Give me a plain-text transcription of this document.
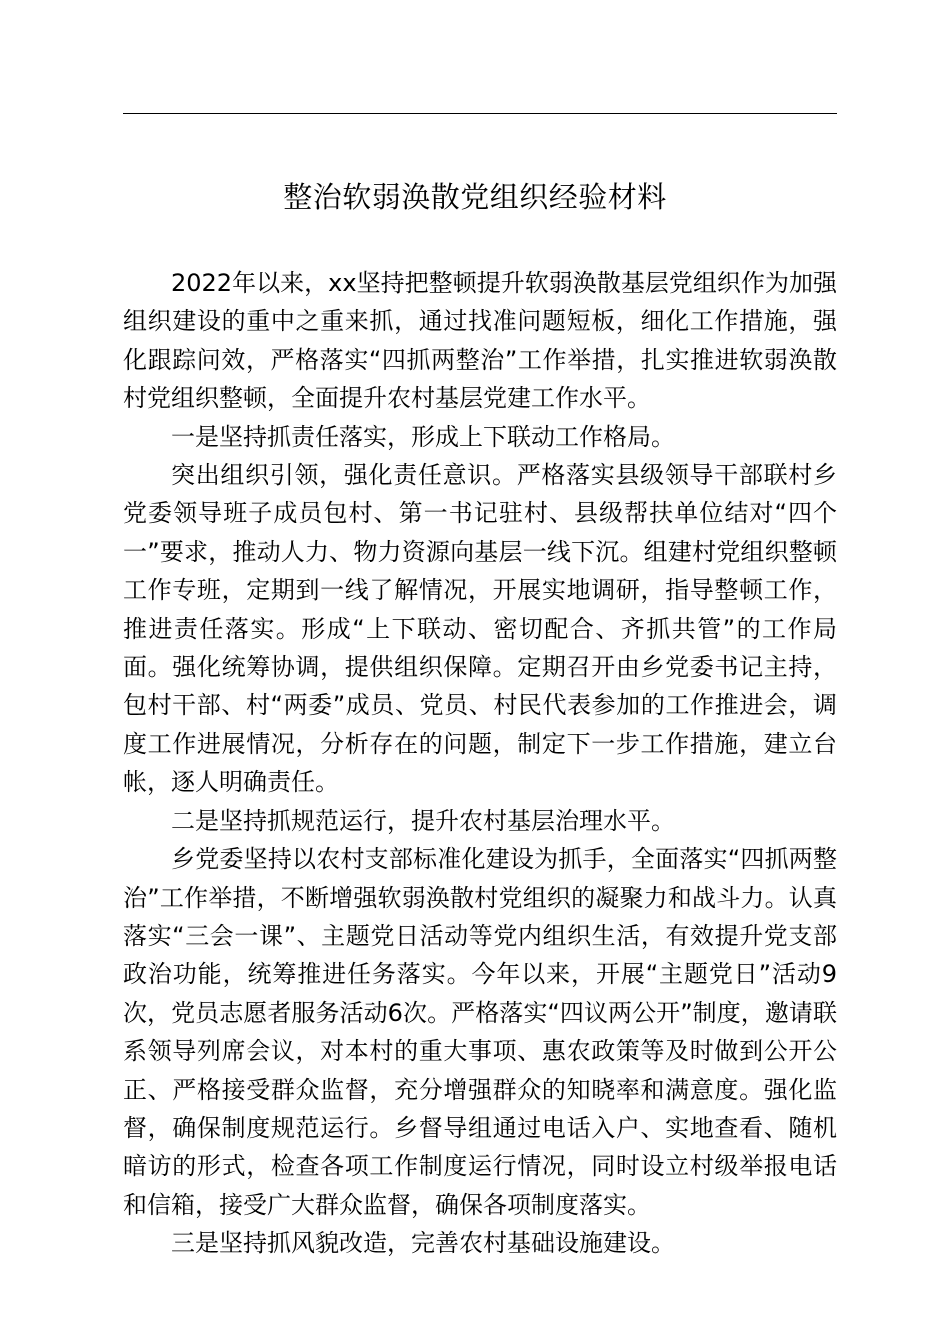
整治软弱涣散党组织经验材料

2022年以来，xx坚持把整顿提升软弱涣散基层党组织作为加强组织建设的重中之重来抓，通过找准问题短板，细化工作措施，强化跟踪问效，严格落实“四抓两整治”工作举措，扎实推进软弱涣散村党组织整顿，全面提升农村基层党建工作水平。

一是坚持抓责任落实，形成上下联动工作格局。

突出组织引领，强化责任意识。严格落实县级领导干部联村乡党委领导班子成员包村、第一书记驻村、县级帮扶单位结对“四个一”要求，推动人力、物力资源向基层一线下沉。组建村党组织整顿工作专班，定期到一线了解情况，开展实地调研，指导整顿工作，推进责任落实。形成“上下联动、密切配合、齐抓共管”的工作局面。强化统筹协调，提供组织保障。定期召开由乡党委书记主持，包村干部、村“两委”成员、党员、村民代表参加的工作推进会，调度工作进展情况，分析存在的问题，制定下一步工作措施，建立台帐，逐人明确责任。

二是坚持抓规范运行，提升农村基层治理水平。

乡党委坚持以农村支部标准化建设为抓手，全面落实“四抓两整治”工作举措，不断增强软弱涣散村党组织的凝聚力和战斗力。认真落实“三会一课”、主题党日活动等党内组织生活，有效提升党支部政治功能，统筹推进任务落实。今年以来，开展“主题党日”活动9次，党员志愿者服务活动6次。严格落实“四议两公开”制度，邀请联系领导列席会议，对本村的重大事项、惠农政策等及时做到公开公正、严格接受群众监督，充分增强群众的知晓率和满意度。强化监督，确保制度规范运行。乡督导组通过电话入户、实地查看、随机暗访的形式，检查各项工作制度运行情况，同时设立村级举报电话和信箱，接受广大群众监督，确保各项制度落实。

三是坚持抓风貌改造，完善农村基础设施建设。
